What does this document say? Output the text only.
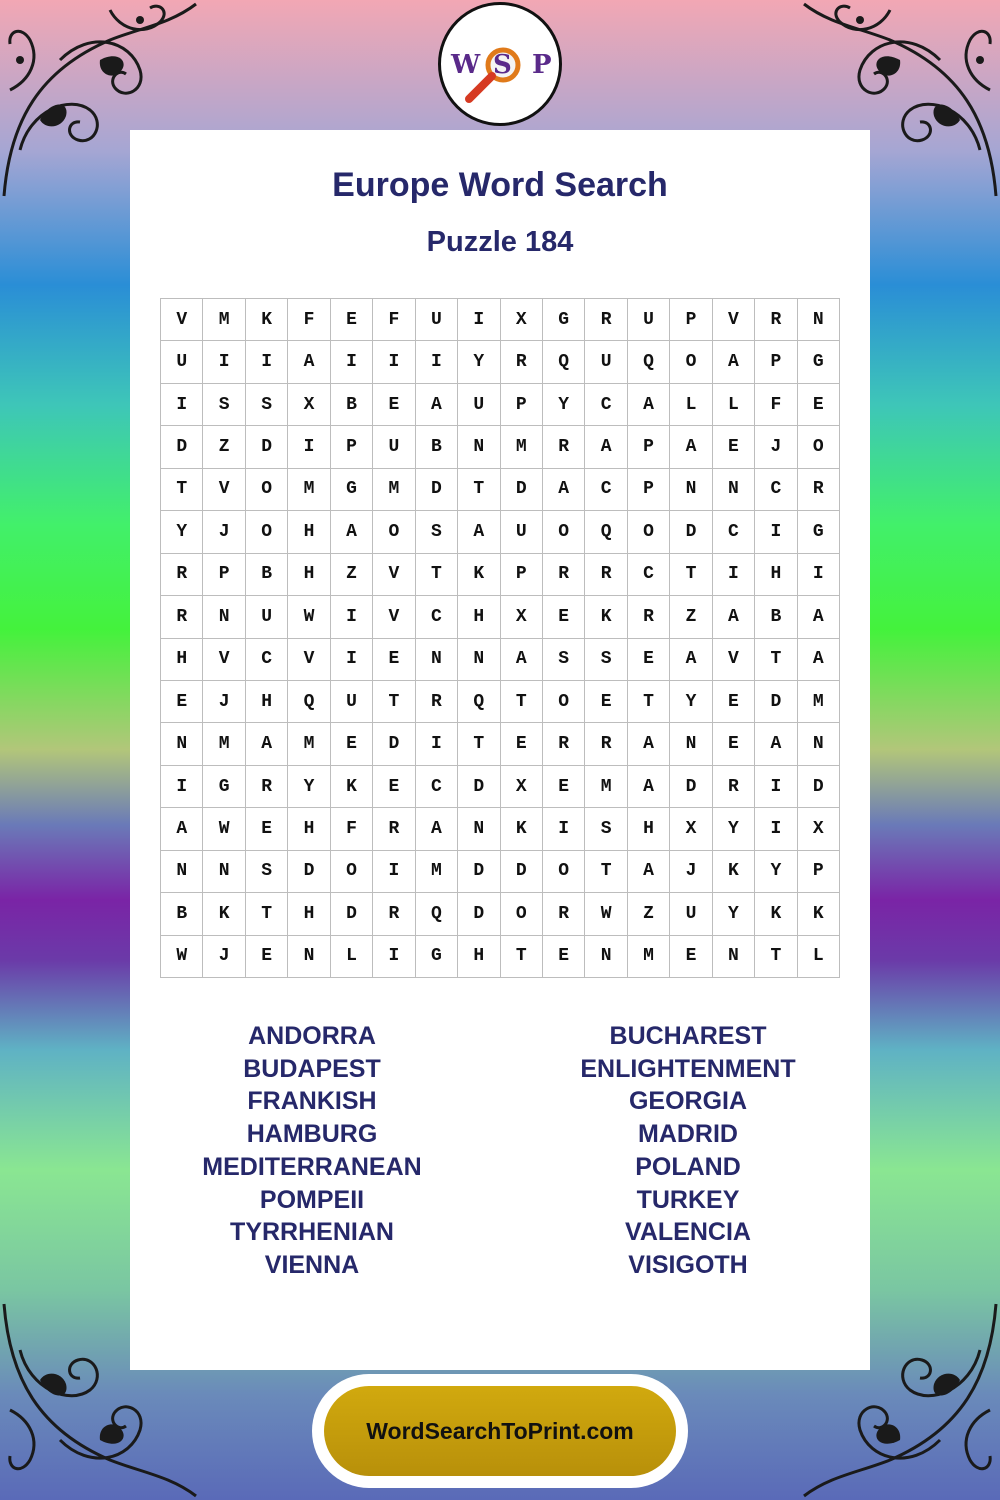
W S P
Europe Word Search
Puzzle 184
V	M	K	F	E	F	U	I	X	G	R	U	P	V	R	N
U	I	I	A	I	I	I	Y	R	Q	U	Q	O	A	P	G
I	S	S	X	B	E	A	U	P	Y	C	A	L	L	F	E
D	Z	D	I	P	U	B	N	M	R	A	P	A	E	J	O
T	V	O	M	G	M	D	T	D	A	C	P	N	N	C	R
Y	J	O	H	A	O	S	A	U	O	Q	O	D	C	I	G
R	P	B	H	Z	V	T	K	P	R	R	C	T	I	H	I
R	N	U	W	I	V	C	H	X	E	K	R	Z	A	B	A
H	V	C	V	I	E	N	N	A	S	S	E	A	V	T	A
E	J	H	Q	U	T	R	Q	T	O	E	T	Y	E	D	M
N	M	A	M	E	D	I	T	E	R	R	A	N	E	A	N
I	G	R	Y	K	E	C	D	X	E	M	A	D	R	I	D
A	W	E	H	F	R	A	N	K	I	S	H	X	Y	I	X
N	N	S	D	O	I	M	D	D	O	T	A	J	K	Y	P
B	K	T	H	D	R	Q	D	O	R	W	Z	U	Y	K	K
W	J	E	N	L	I	G	H	T	E	N	M	E	N	T	L
ANDORRA
BUDAPEST
FRANKISH
HAMBURG
MEDITERRANEAN
POMPEII
TYRRHENIAN
VIENNA
BUCHAREST
ENLIGHTENMENT
GEORGIA
MADRID
POLAND
TURKEY
VALENCIA
VISIGOTH
WordSearchToPrint.com
